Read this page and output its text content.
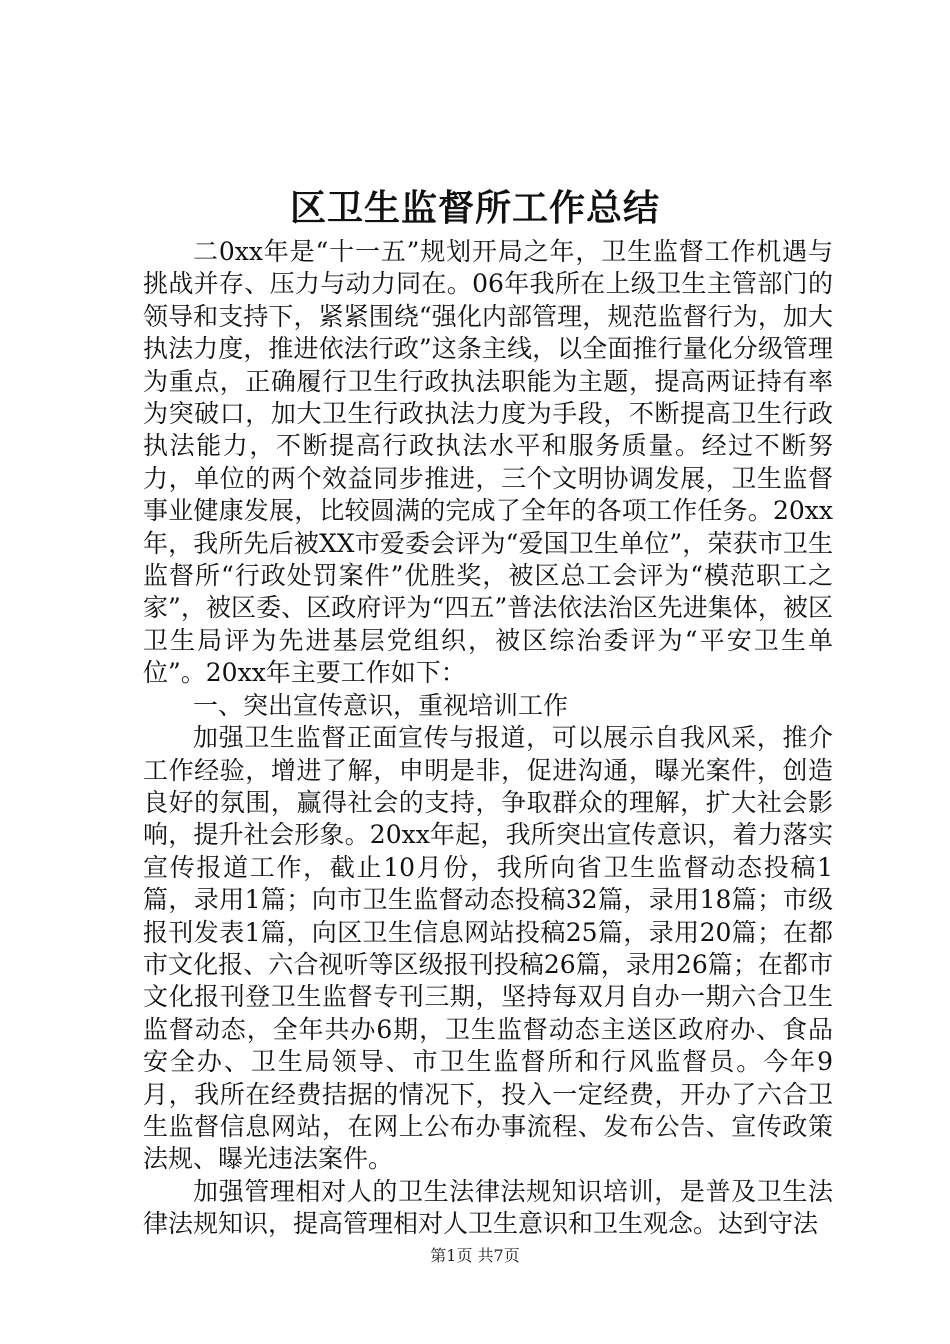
区卫生监督所工作总结

二0xx年是“十一五”规划开局之年，卫生监督工作机遇与挑战并存、压力与动力同在。06年我所在上级卫生主管部门的领导和支持下，紧紧围绕“强化内部管理，规范监督行为，加大执法力度，推进依法行政”这条主线，以全面推行量化分级管理为重点，正确履行卫生行政执法职能为主题，提高两证持有率为突破口，加大卫生行政执法力度为手段，不断提高卫生行政执法能力，不断提高行政执法水平和服务质量。经过不断努力，单位的两个效益同步推进，三个文明协调发展，卫生监督事业健康发展，比较圆满的完成了全年的各项工作任务。20xx年，我所先后被XX市爱委会评为“爱国卫生单位”，荣获市卫生监督所“行政处罚案件”优胜奖，被区总工会评为“模范职工之家”，被区委、区政府评为“四五”普法依法治区先进集体，被区卫生局评为先进基层党组织，被区综治委评为“平安卫生单位”。20xx年主要工作如下：

一、突出宣传意识，重视培训工作

加强卫生监督正面宣传与报道，可以展示自我风采，推介工作经验，增进了解，申明是非，促进沟通，曝光案件，创造良好的氛围，赢得社会的支持，争取群众的理解，扩大社会影响，提升社会形象。20xx年起，我所突出宣传意识，着力落实宣传报道工作，截止10月份，我所向省卫生监督动态投稿1篇，录用1篇；向市卫生监督动态投稿32篇，录用18篇；市级报刊发表1篇，向区卫生信息网站投稿25篇，录用20篇；在都市文化报、六合视听等区级报刊投稿26篇，录用26篇；在都市文化报刊登卫生监督专刊三期，坚持每双月自办一期六合卫生监督动态，全年共办6期，卫生监督动态主送区政府办、食品安全办、卫生局领导、市卫生监督所和行风监督员。今年9月，我所在经费拮据的情况下，投入一定经费，开办了六合卫生监督信息网站，在网上公布办事流程、发布公告、宣传政策法规、曝光违法案件。

加强管理相对人的卫生法律法规知识培训，是普及卫生法律法规知识，提高管理相对人卫生意识和卫生观念。达到守法

第1页 共7页
